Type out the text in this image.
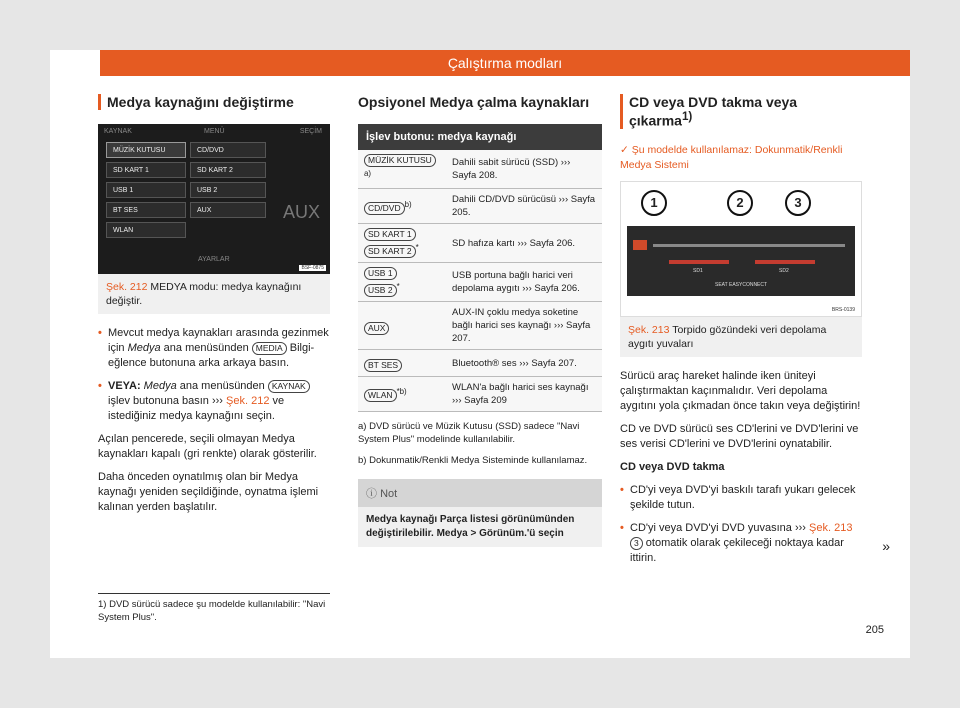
Çalıştırma modları
Medya kaynağını değiştirme
KAYNAK	MENÜ	SEÇİM
MÜZİK KUTUSU	CD/DVD
SD KART 1	SD KART 2
USB 1	USB 2
BT SES	AUX
WLAN
AUX
AYARLAR
BSF-0875
Şek. 212 MEDYA modu: medya kaynağını değiştir.

• Mevcut medya kaynakları arasında gezinmek için Medya ana menüsünden MEDIA Bilgi-eğlence butonuna arka arkaya basın.

• VEYA: Medya ana menüsünden KAYNAK işlev butonuna basın ››› Şek. 212 ve istediğiniz medya kaynağını seçin.

Açılan pencerede, seçili olmayan Medya kaynakları kapalı (gri renkte) olarak gösterilir.

Daha önceden oynatılmış olan bir Medya kaynağı yeniden seçildiğinde, oynatma işlemi kalınan yerden başlatılır.

Opsiyonel Medya çalma kaynakları
İşlev butonu: medya kaynağı	
MÜZİK KUTUSU$^{a)}$	Dahili sabit sürücü (SSD) ››› Sayfa 208.
CD/DVD $^{b)}$	Dahili CD/DVD sürücüsü ››› Sayfa 205.
SD KART 1
SD KART 2 *	SD hafıza kartı ››› Sayfa 206.
USB 1
USB 2 *	USB portuna bağlı harici veri depolama aygıtı ››› Sayfa 206.
AUX	AUX-IN çoklu medya soketine bağlı harici ses kaynağı ››› Sayfa 207.
BT SES	Bluetooth® ses ››› Sayfa 207.
WLAN $^{*b)}$	WLAN'a bağlı harici ses kaynağı ››› Sayfa 209

a) DVD sürücü ve Müzik Kutusu (SSD) sadece "Navi System Plus" modelinde kullanılabilir.

b) Dokunmatik/Renkli Medya Sisteminde kullanılamaz.

ⓘ Not
Medya kaynağı Parça listesi görünümünden değiştirilebilir. Medya > Görünüm.'ü seçin
CD veya DVD takma veya çıkarma$^{1)}$

✓ Şu modelde kullanılamaz: Dokunmatik/Renkli Medya Sistemi

1	2	3
SD1	SD2
SEAT EASYCONNECT
BRS-0139
Şek. 213 Torpido gözündeki veri depolama aygıtı yuvaları

Sürücü araç hareket halinde iken üniteyi çalıştırmaktan kaçınmalıdır. Veri depolama aygıtını yola çıkmadan önce takın veya değiştirin!

CD ve DVD sürücü ses CD'lerini ve DVD'lerini ve ses verisi CD'lerini ve DVD'lerini oynatabilir.

CD veya DVD takma

• CD'yi veya DVD'yi baskılı tarafı yukarı gelecek şekilde tutun.

• CD'yi veya DVD'yi DVD yuvasına ››› Şek. 213 3 otomatik olarak çekileceği noktaya kadar ittirin.

»
1) DVD sürücü sadece şu modelde kullanılabilir: "Navi System Plus".
205
